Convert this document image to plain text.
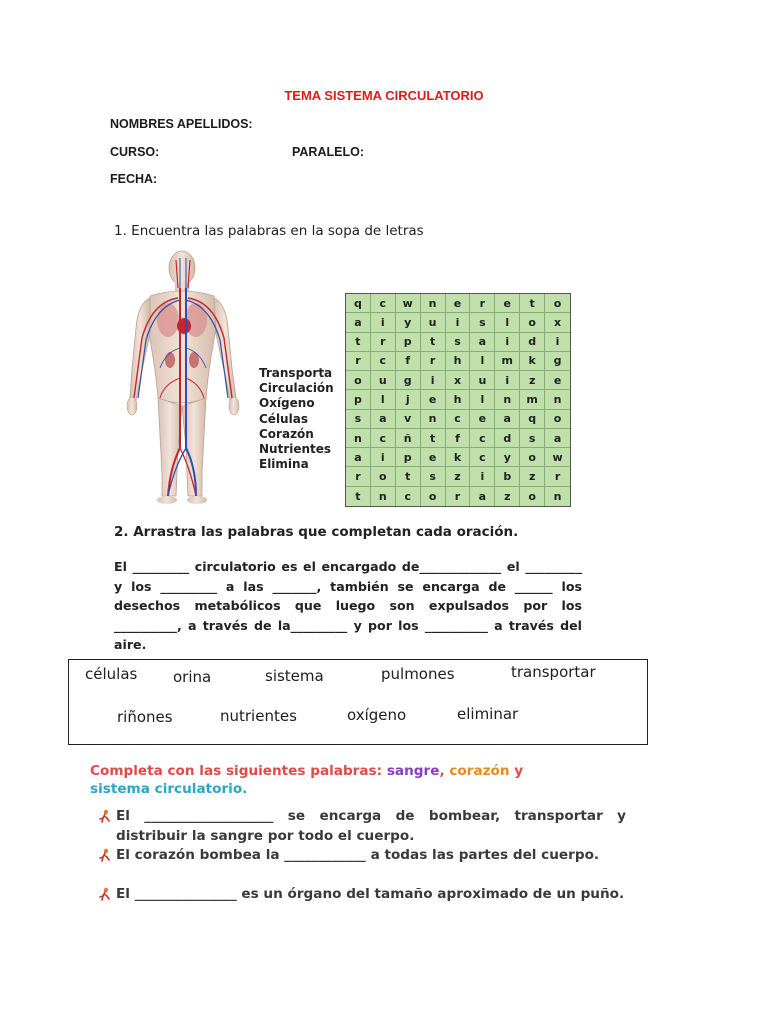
TEMA SISTEMA CIRCULATORIO
NOMBRES APELLIDOS:
CURSO:	PARALELO:
FECHA:
1. Encuentra las palabras en la sopa de letras
Transporta
Circulación
Oxígeno
Células
Corazón
Nutrientes
Elimina
q	c	w	n	e	r	e	t	o
a	i	y	u	i	s	l	o	x
t	r	p	t	s	a	i	d	i
r	c	f	r	h	l	m	k	g
o	u	g	i	x	u	i	z	e
p	l	j	e	h	l	n	m	n
s	a	v	n	c	e	a	q	o
n	c	ñ	t	f	c	d	s	a
a	i	p	e	k	c	y	o	w
r	o	t	s	z	i	b	z	r
t	n	c	o	r	a	z	o	n
2. Arrastra las palabras que completan cada oración.
El _________ circulatorio es el encargado de_____________ el _________ y los _________ a las _______, también se encarga de ______ los desechos metabólicos que luego son expulsados por los __________, a través de la_________ y por los __________ a través del aire.
células orina	sistema	pulmones	transportar
riñones	nutrientes	oxígeno	eliminar
Completa con las siguientes palabras: sangre, corazón y
sistema circulatorio.
El ___________________ se encarga de bombear, transportar y distribuir la sangre por todo el cuerpo.
El corazón bombea la ____________ a todas las partes del cuerpo.
El _______________ es un órgano del tamaño aproximado de un puño.
